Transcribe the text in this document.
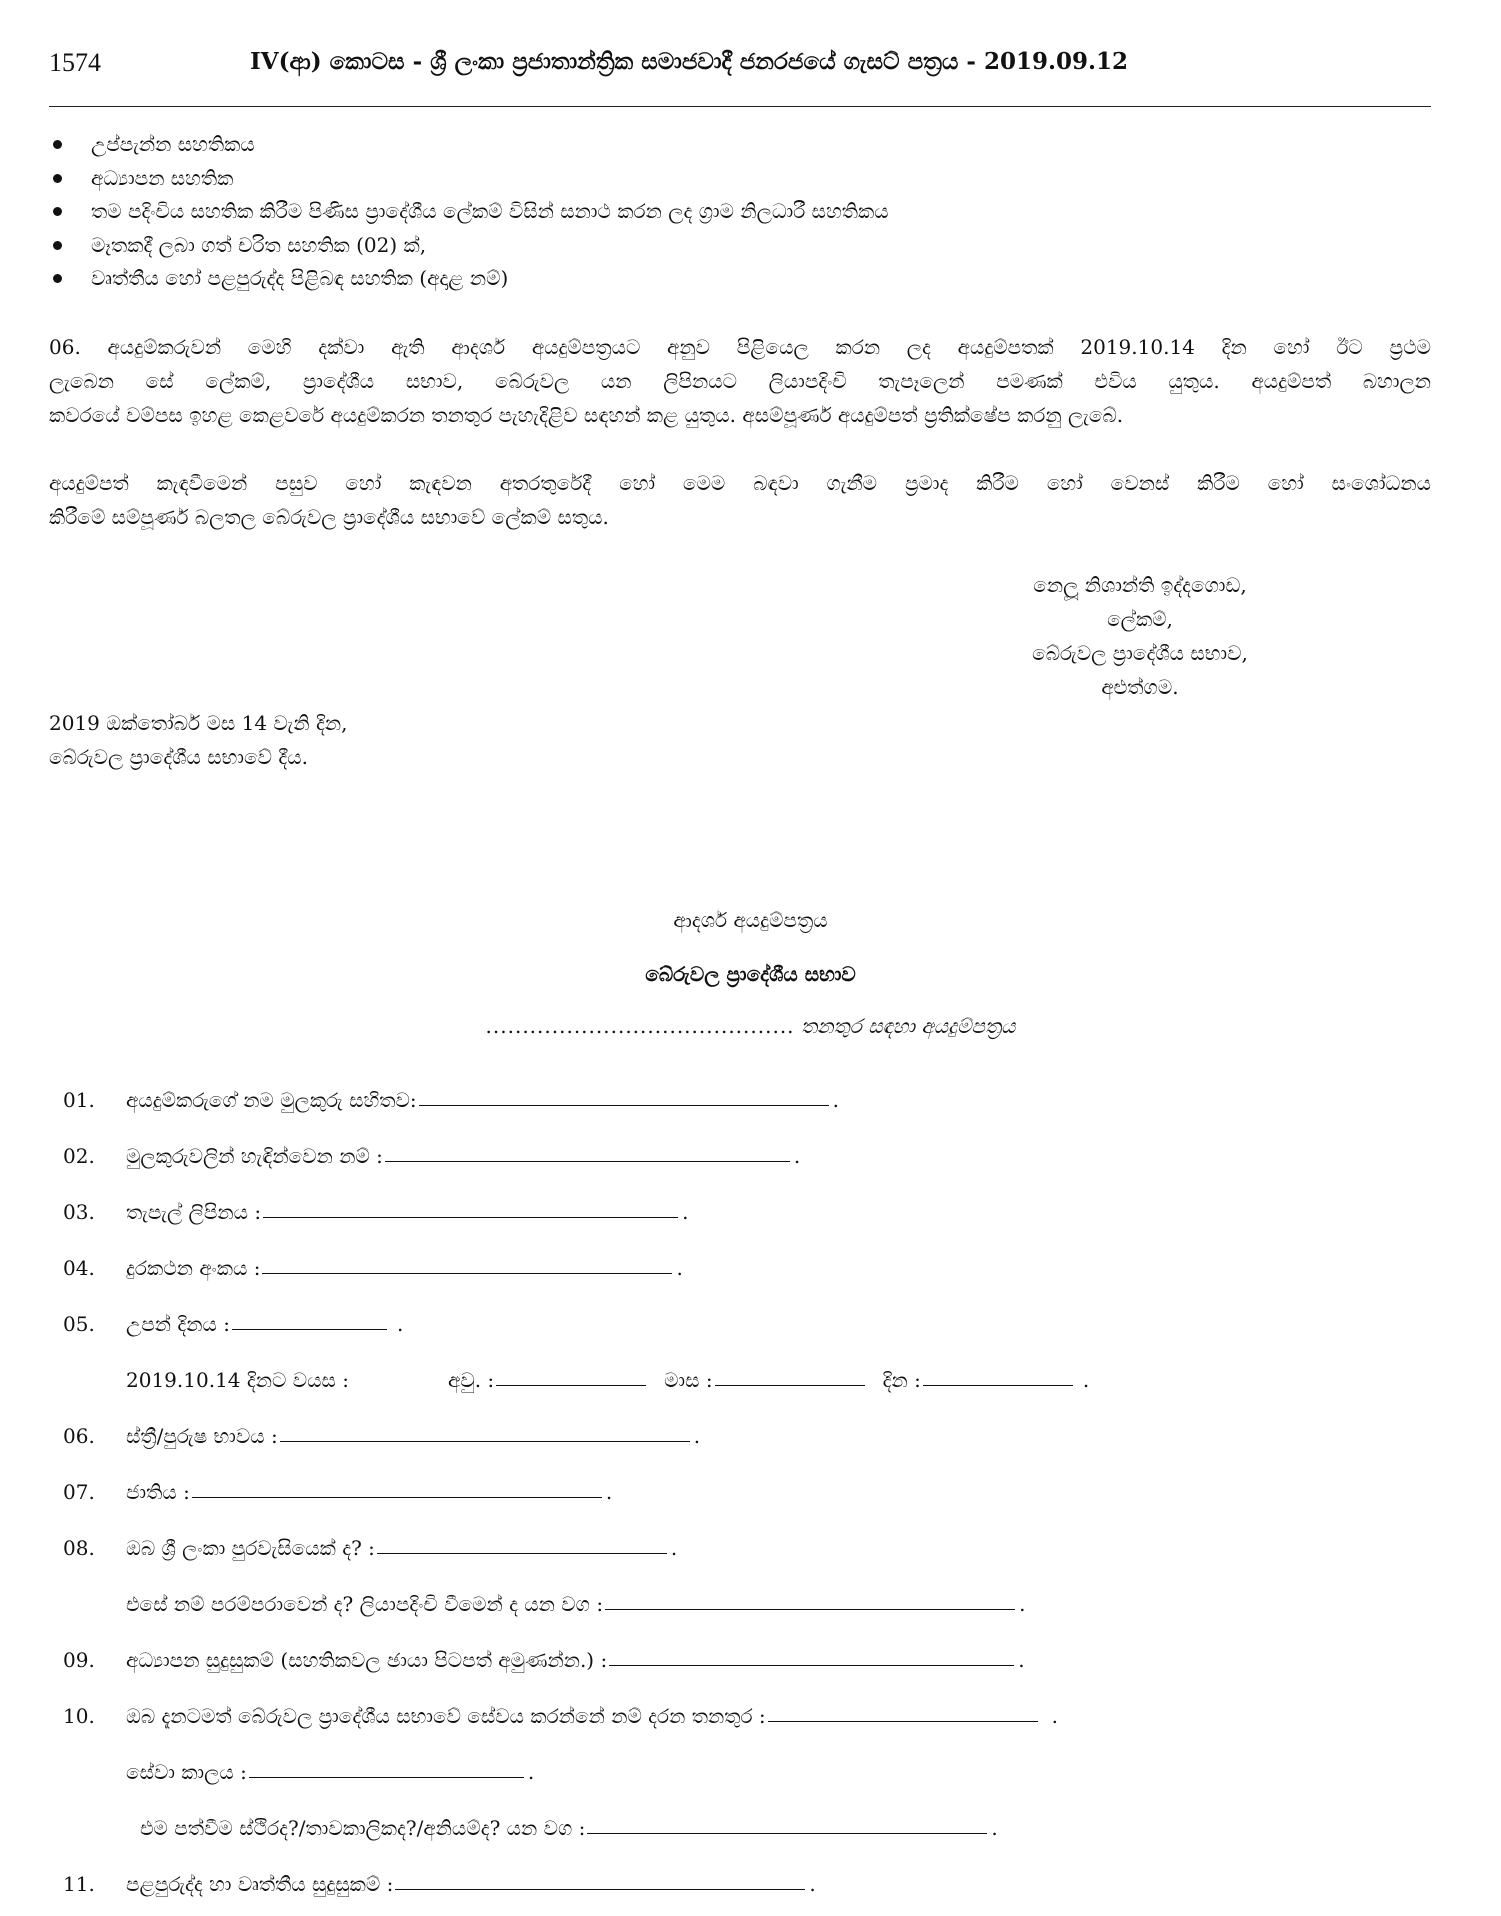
1574	IV(ආ) කොටස - ශ්‍රී ලංකා ප්‍රජාතාන්ත්‍රික සමාජවාදී ජනරජයේ ගැසට් පත්‍රය - 2019.09.12
උප්පැන්න සහතිකය
අධ්‍යාපන සහතික
තම පදිංචිය සහතික කිරීම පිණිස ප්‍රාදේශීය ලේකම් විසින් සනාථ කරන ලද ග්‍රාම නිලධාරී සහතිකය
මෑතකදී ලබා ගත් චරිත සහතික (02) ක්,
වෘත්තීය හෝ පළපුරුද්ද පිළිබඳ සහතික (අදාළ නම්)
06. අයදුම්කරුවන් මෙහි දක්වා ඇති ආදර්ශ අයදුම්පත්‍රයට අනුව පිළියෙල කරන ලද අයදුම්පතක් 2019.10.14 දින හෝ ඊට ප්‍රථම
ලැබෙන සේ ලේකම්, ප්‍රාදේශීය සභාව, බේරුවල යන ලිපිනයට ලියාපදිංචි තැපෑලෙන් පමණක් එවිය යුතුය. අයදුම්පත් බහාලන
කවරයේ වම්පස ඉහළ කෙළවරේ අයදුම්කරන තනතුර පැහැදිළිව සඳහන් කළ යුතුය. අසම්පූර්ණ අයදුම්පත් ප්‍රතික්ෂේප කරනු ලැබේ.
අයදුම්පත් කැඳවීමෙන් පසුව හෝ කැඳවන අතරතුරේදී හෝ මෙම බඳවා ගැනීම ප්‍රමාද කිරීම හෝ වෙනස් කිරීම හෝ සංශෝධනය
කිරීමේ සම්පූර්ණ බලතල බේරුවල ප්‍රාදේශීය සභාවේ ලේකම් සතුය.
නෙලූ නිශාන්ති ඉද්දගොඩ,
ලේකම්,
බේරුවල ප්‍රාදේශීය සභාව,
අළුත්ගම.
2019 ඔක්තෝබර් මස 14 වැනි දින,
බේරුවල ප්‍රාදේශීය සභාවේ දීය.
ආදර්ශ අයදුම්පත්‍රය
බේරුවල ප්‍රාදේශීය සභාව
.......................................... තනතුර සඳහා අයදුම්පත්‍රය
01.	අයදුම්කරුගේ නම මුලකුරු සහිතව:	.
02.	මුලකුරුවලින් හැඳින්වෙන නම් :	.
03.	තැපැල් ලිපිනය :	.
04.	දුරකථන අංකය :	.
05.	උපන් දිනය :	.
2019.10.14 දිනට වයස :	අවු. :	මාස :	දින :	.
06.	ස්ත්‍රී/පුරුෂ භාවය :	.
07.	ජාතිය :	.
08.	ඔබ ශ්‍රී ලංකා පුරවැසියෙක් ද? :	.
එසේ නම් පරම්පරාවෙන් ද? ලියාපදිංචි වීමෙන් ද යන වග :	.
09.	අධ්‍යාපන සුදුසුකම් (සහතිකවල ඡායා පිටපත් අමුණන්න.) :	.
10.	ඔබ දැනටමත් බේරුවල ප්‍රාදේශීය සභාවේ සේවය කරන්නේ නම් දරන තනතුර :	.
සේවා කාලය :	.
එම පත්වීම ස්ථිරද?/තාවකාලිකද?/අනියම්ද? යන වග :	.
11.	පළපුරුද්ද හා වෘත්තීය සුදුසුකම් :	.
